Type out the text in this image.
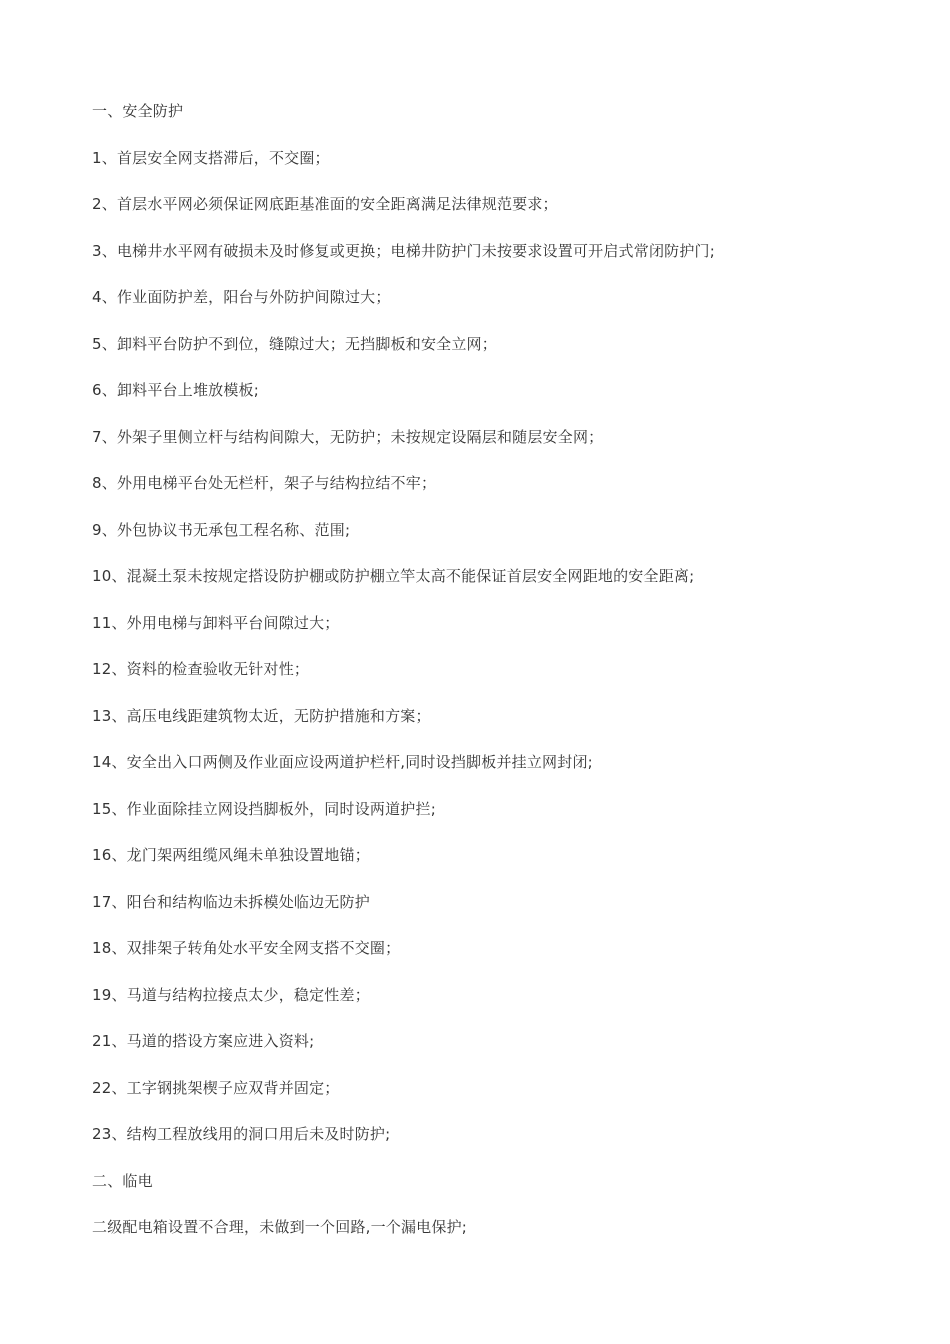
一、安全防护
1、首层安全网支搭滞后，不交圈；
2、首层水平网必须保证网底距基准面的安全距离满足法律规范要求；
3、电梯井水平网有破损未及时修复或更换；电梯井防护门未按要求设置可开启式常闭防护门;
4、作业面防护差，阳台与外防护间隙过大；
5、卸料平台防护不到位，缝隙过大；无挡脚板和安全立网；
6、卸料平台上堆放模板;
7、外架子里侧立杆与结构间隙大，无防护；未按规定设隔层和随层安全网；
8、外用电梯平台处无栏杆，架子与结构拉结不牢；
9、外包协议书无承包工程名称、范围;
10、混凝土泵未按规定搭设防护棚或防护棚立竿太高不能保证首层安全网距地的安全距离;
11、外用电梯与卸料平台间隙过大；
12、资料的检查验收无针对性；
13、高压电线距建筑物太近，无防护措施和方案；
14、安全出入口两侧及作业面应设两道护栏杆,同时设挡脚板并挂立网封闭;
15、作业面除挂立网设挡脚板外，同时设两道护拦;
16、龙门架两组缆风绳未单独设置地锚；
17、阳台和结构临边未拆模处临边无防护
18、双排架子转角处水平安全网支搭不交圈；
19、马道与结构拉接点太少，稳定性差；
21、马道的搭设方案应进入资料;
22、工字钢挑架楔子应双背并固定；
23、结构工程放线用的洞口用后未及时防护;
二、临电
二级配电箱设置不合理，未做到一个回路,一个漏电保护;
